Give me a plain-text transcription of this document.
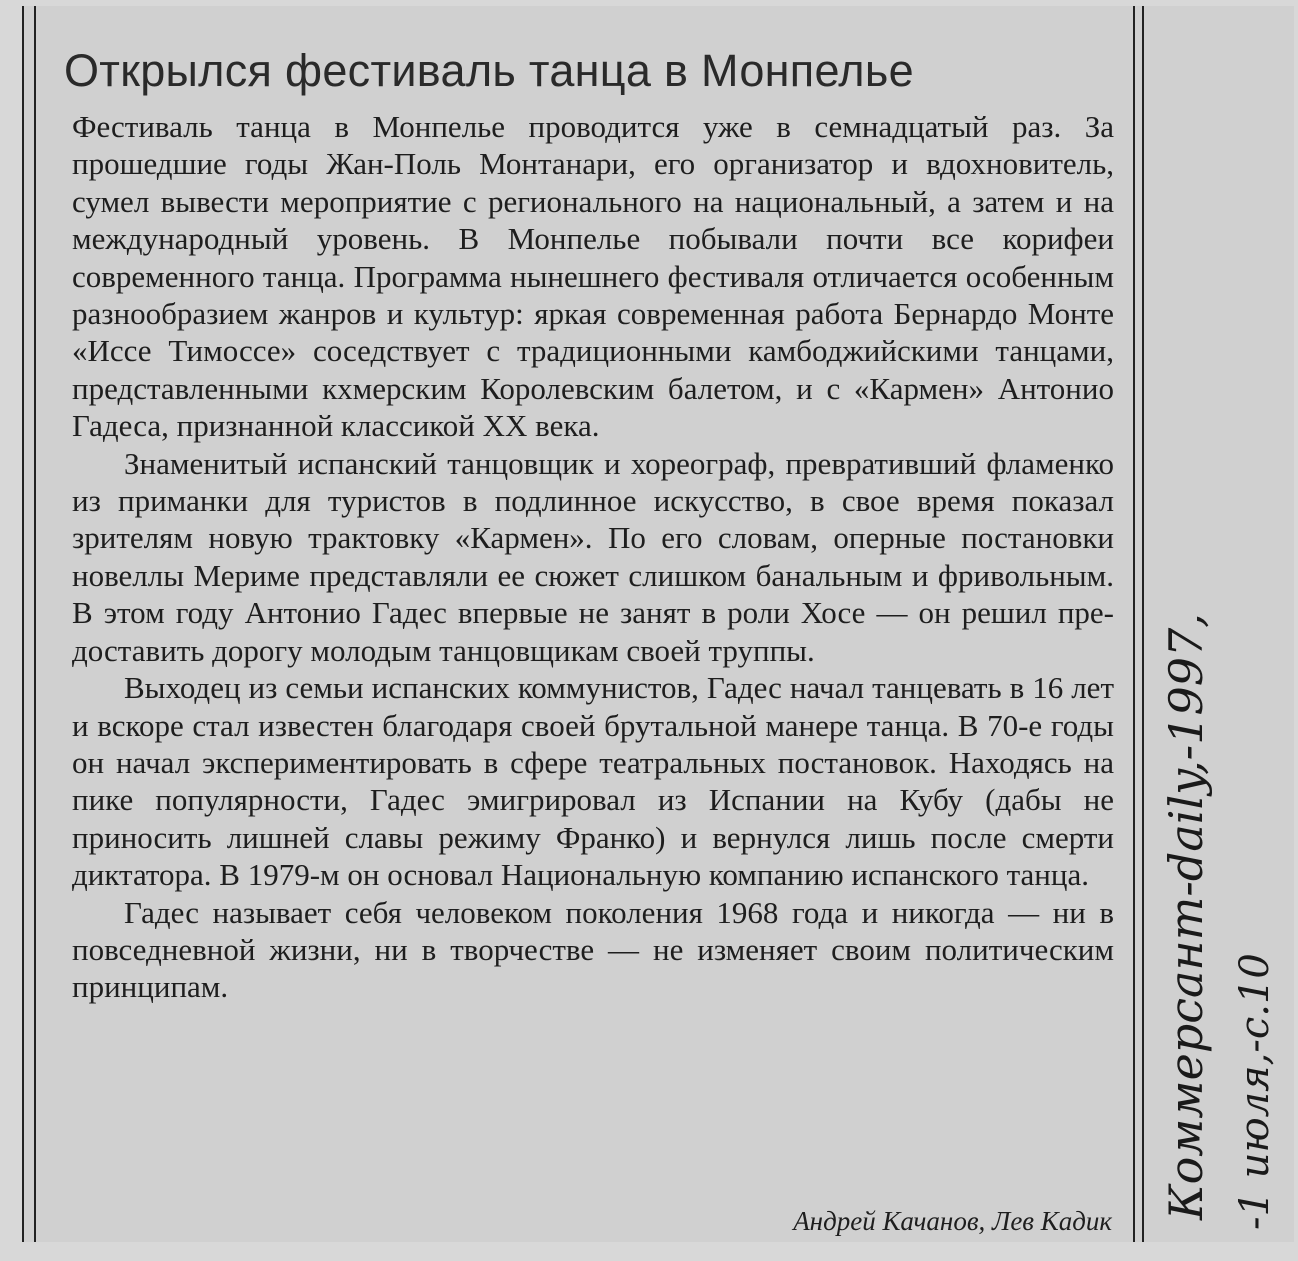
Открылся фестиваль танца в Монпелье

Фестиваль танца в Монпелье проводится уже в семнадцатый раз. За прошедшие годы Жан-Поль Монтанари, его организатор и вдохновитель, сумел вывести мероприятие с регионального на национальный, а затем и на международный уровень. В Монпелье побывали почти все корифеи современного танца. Программа нынешнего фестиваля отличается особенным разнообразием жанров и культур: яркая современная работа Бернардо Монте «Иссе Тимоссе» соседствует с традиционными камбоджийскими танцами, представленными кхмерским Королевским балетом, и с «Кармен» Антонио Гадеса, признанной классикой XX века.

Знаменитый испанский танцовщик и хореограф, превративший фламенко из приманки для туристов в подлинное искусство, в свое время показал зрителям новую трактовку «Кармен». По его словам, оперные постановки новеллы Мериме представляли ее сюжет слишком банальным и фривольным. В этом году Антонио Гадес впервые не занят в роли Хосе — он решил предоставить дорогу молодым танцовщикам своей труппы.

Выходец из семьи испанских коммунистов, Гадес начал танцевать в 16 лет и вскоре стал известен благодаря своей брутальной манере танца. В 70-е годы он начал экспериментировать в сфере театральных постановок. Находясь на пике популярности, Гадес эмигрировал из Испании на Кубу (дабы не приносить лишней славы режиму Франко) и вернулся лишь после смерти диктатора. В 1979-м он основал Национальную компанию испанского танца.

Гадес называет себя человеком поколения 1968 года и никогда — ни в повседневной жизни, ни в творчестве — не изменяет своим политическим принципам.

Андрей Качанов, Лев Кадик
Коммерсант-daily,-1997, -1 июля,-с.10
